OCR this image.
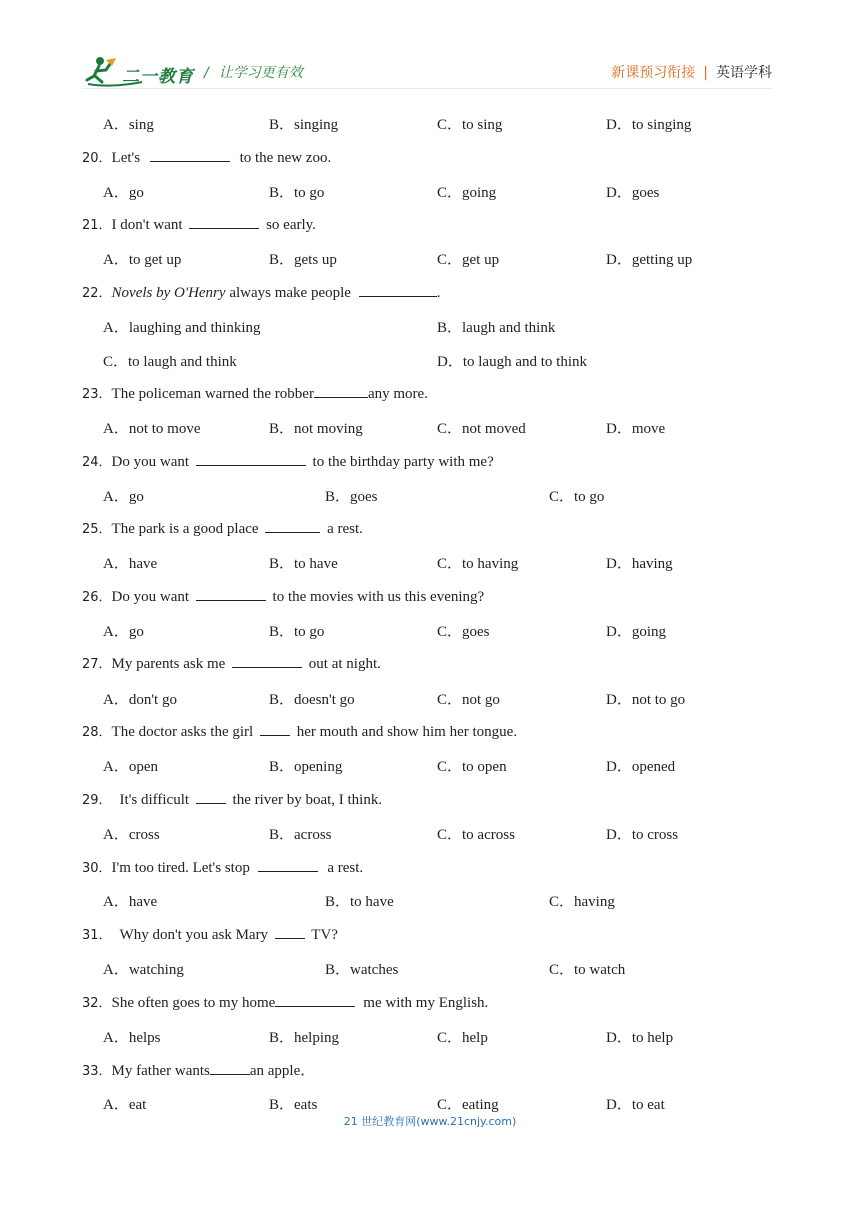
二一教育 / 让学习更有效	新课预习衔接 | 英语学科
A．sing	B．singing	C．to sing	D．to singing
20．Let's	to the new zoo.
A．go	B．to go	C．going	D．goes
21．I don't want	so early.
A．to get up	B．gets up	C．get up	D．getting up
22．Novels by O'Henry always make people	.
A．laughing and thinking	B．laugh and think
C．to laugh and think	D．to laugh and to think
23．The policeman warned the robber	any more.
A．not to move	B．not moving	C．not moved	D．move
24．Do you want	to the birthday party with me?
A．go	B．goes	C．to go
25．The park is a good place	a rest.
A．have	B．to have	C．to having	D．having
26．Do you want	to the movies with us this evening?
A．go	B．to go	C．goes	D．going
27．My parents ask me	out at night.
A．don't go	B．doesn't go	C．not go	D．not to go
28．The doctor asks the girl	her mouth and show him her tongue.
A．open	B．opening	C．to open	D．opened
29． It's difficult	the river by boat, I think.
A．cross	B．across	C．to across	D．to cross
30．I'm too tired. Let's stop	a rest.
A．have	B．to have	C．having
31． Why don't you ask Mary	TV?
A．watching	B．watches	C．to watch
32．She often goes to my home	me with my English.
A．helps	B．helping	C．help	D．to help
33．My father wants	an apple．
A．eat	B．eats	C．eating	D．to eat
21 世纪教育网(www.21cnjy.com)
